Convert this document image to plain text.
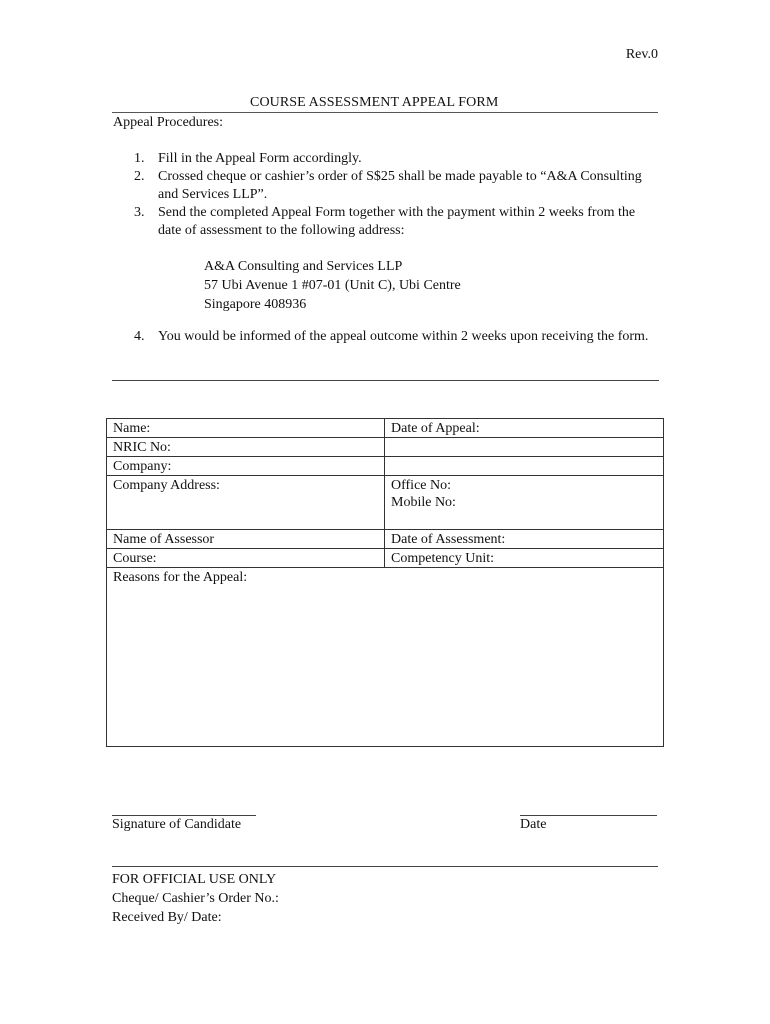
Rev.0
COURSE ASSESSMENT APPEAL FORM
Appeal Procedures:
1. Fill in the Appeal Form accordingly.
2. Crossed cheque or cashier’s order of S$25 shall be made payable to “A&A Consulting and Services LLP”.
3. Send the completed Appeal Form together with the payment within 2 weeks from the date of assessment to the following address:
A&A Consulting and Services LLP
57 Ubi Avenue 1 #07-01 (Unit C), Ubi Centre
Singapore 408936
4. You would be informed of the appeal outcome within 2 weeks upon receiving the form.
Name:	Date of Appeal:
NRIC No:	
Company:	
Company Address:	Office No:
Mobile No:

Name of Assessor	Date of Assessment:
Course:	Competency Unit:
Reasons for the Appeal:	
Signature of Candidate	Date
FOR OFFICIAL USE ONLY
Cheque/ Cashier’s Order No.:
Received By/ Date:
